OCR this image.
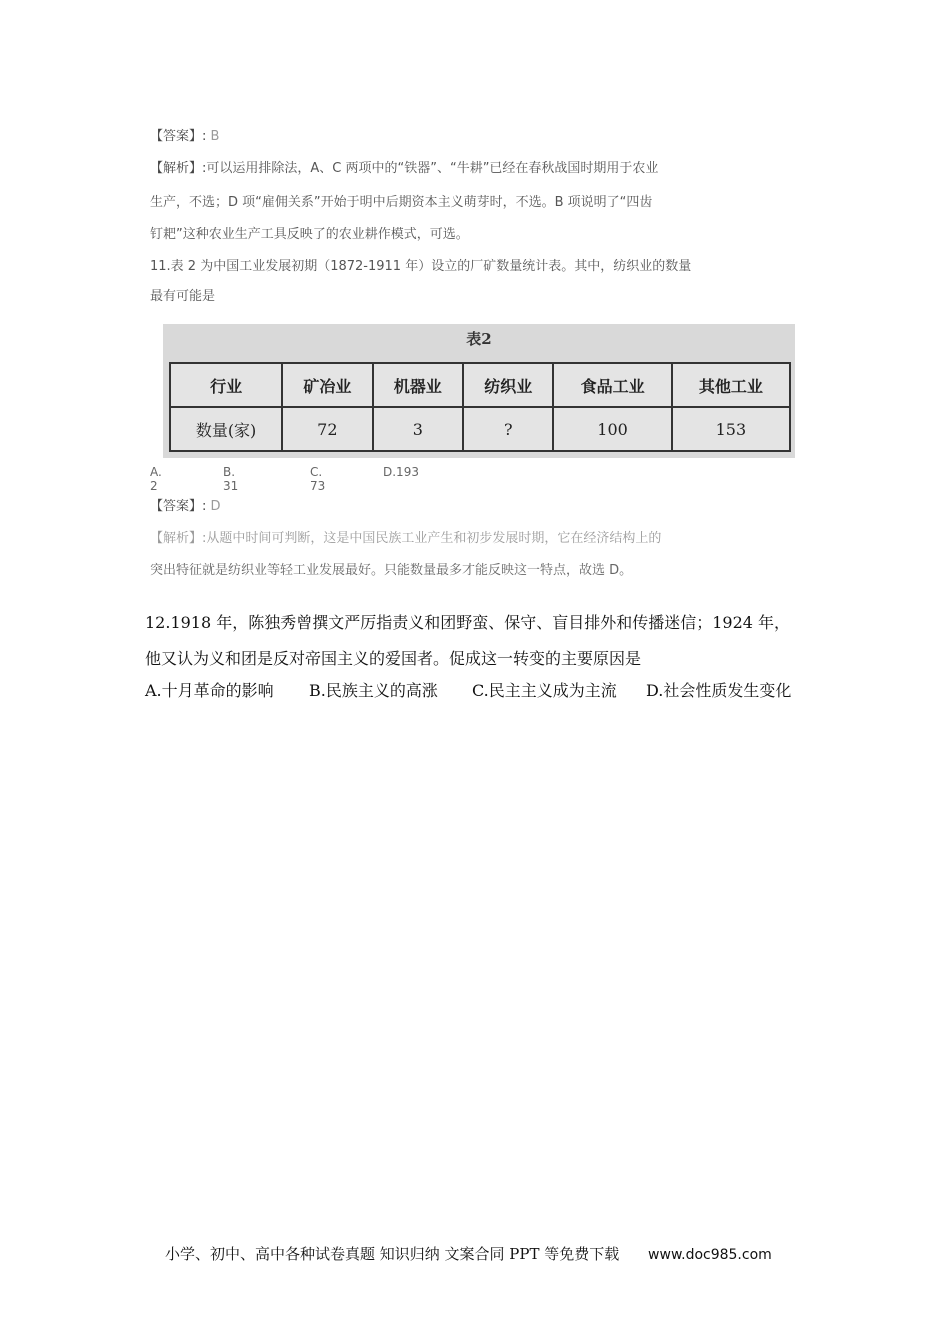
【答案】: B
【解析】:可以运用排除法，A、C 两项中的“铁器”、“牛耕”已经在春秋战国时期用于农业
生产，不选；D 项“雇佣关系”开始于明中后期资本主义萌芽时，不选。B 项说明了“四齿
钉耙”这种农业生产工具反映了的农业耕作模式，可选。
11.表 2 为中国工业发展初期（1872-1911 年）设立的厂矿数量统计表。其中，纺织业的数量
最有可能是
表2
行业	矿冶业	机器业	纺织业	食品工业	其他工业
数量(家)	72	3	?	100	153
A. 2
B. 31
C. 73
D.193
【答案】: D
【解析】:从题中时间可判断，这是中国民族工业产生和初步发展时期，它在经济结构上的
突出特征就是纺织业等轻工业发展最好。只能数量最多才能反映这一特点，故选 D。
12.1918 年，陈独秀曾撰文严厉指责义和团野蛮、保守、盲目排外和传播迷信；1924 年，
他又认为义和团是反对帝国主义的爱国者。促成这一转变的主要原因是
A.十月革命的影响 B.民族主义的高涨 C.民主主义成为主流 D.社会性质发生变化
小学、初中、高中各种试卷真题 知识归纳 文案合同 PPT 等免费下载 www.doc985.com
